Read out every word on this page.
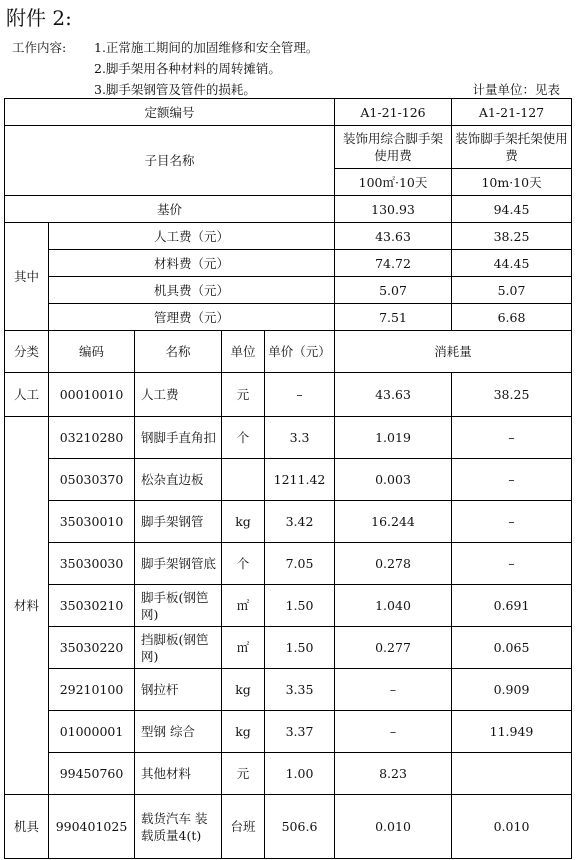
附件 2:
工作内容: 1.正常施工期间的加固维修和安全管理。
2.脚手架用各种材料的周转摊销。
3.脚手架钢管及管件的损耗。	计量单位：见表
定额编号					A1-21-126	A1-21-127
子目名称					装饰用综合脚手架使用费	装饰脚手架托架使用费
					100㎡·10天	10m·10天
基价					130.93	94.45
其中	人工费（元）				43.63	38.25
	材料费（元）				74.72	44.45
	机具费（元）				5.07	5.07
	管理费（元）				7.51	6.68
分类	编码	名称	单位	单价（元）	消耗量	
人工	00010010	人工费	元	–	43.63	38.25
材料	03210280	钢脚手直角扣	个	3.3	1.019	–
	05030370	松杂直边板		1211.42	0.003	–
	35030010	脚手架钢管	kg	3.42	16.244	–
	35030030	脚手架钢管底	个	7.05	0.278	–
	35030210	脚手板(钢笆网)	㎡	1.50	1.040	0.691
	35030220	挡脚板(钢笆网)	㎡	1.50	0.277	0.065
	29210100	钢拉杆	kg	3.35	–	0.909
	01000001	型钢 综合	kg	3.37	–	11.949
	99450760	其他材料	元	1.00	8.23	
机具	990401025	载货汽车 装载质量4(t)	台班	506.6	0.010	0.010
